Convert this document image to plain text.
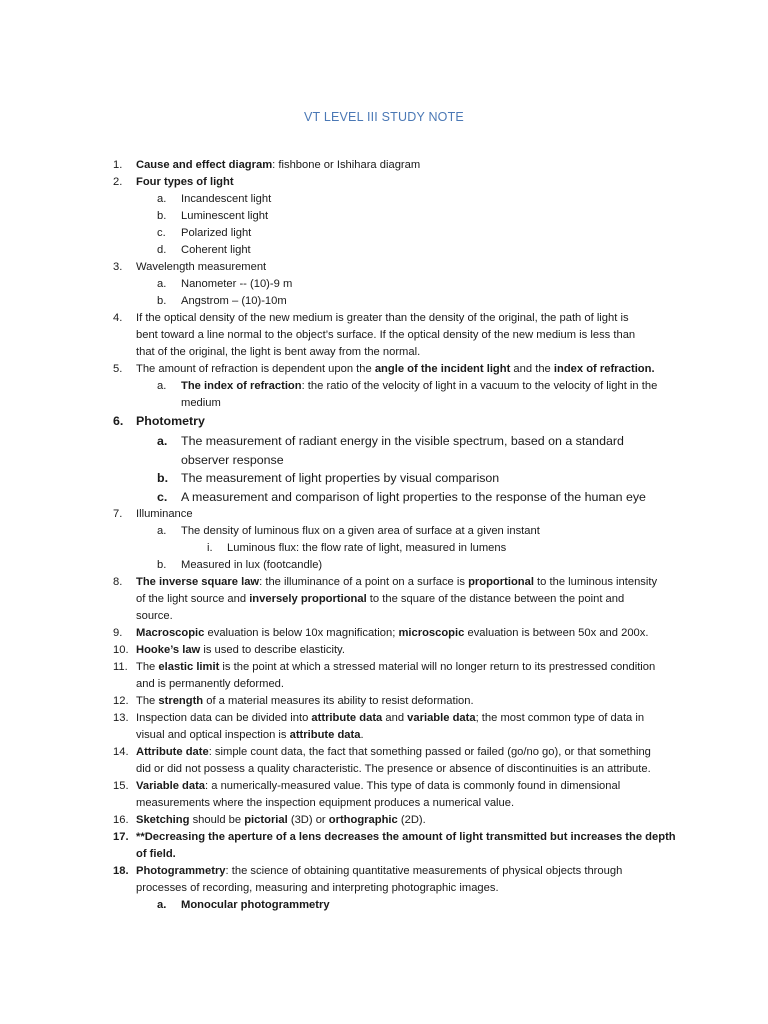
VT LEVEL III STUDY NOTE
1. Cause and effect diagram: fishbone or Ishihara diagram
2. Four types of light
a. Incandescent light
b. Luminescent light
c. Polarized light
d. Coherent light
3. Wavelength measurement
a. Nanometer -- (10)-9 m
b. Angstrom – (10)-10m
4. If the optical density of the new medium is greater than the density of the original, the path of light is
bent toward a line normal to the object’s surface. If the optical density of the new medium is less than
that of the original, the light is bent away from the normal.
5. The amount of refraction is dependent upon the angle of the incident light and the index of refraction.
a. The index of refraction: the ratio of the velocity of light in a vacuum to the velocity of light in the
medium
6. Photometry
a. The measurement of radiant energy in the visible spectrum, based on a standard
observer response
b. The measurement of light properties by visual comparison
c. A measurement and comparison of light properties to the response of the human eye
7. Illuminance
a. The density of luminous flux on a given area of surface at a given instant
i. Luminous flux: the flow rate of light, measured in lumens
b. Measured in lux (footcandle)
8. The inverse square law: the illuminance of a point on a surface is proportional to the luminous intensity
of the light source and inversely proportional to the square of the distance between the point and
source.
9. Macroscopic evaluation is below 10x magnification; microscopic evaluation is between 50x and 200x.
10. Hooke’s law is used to describe elasticity.
11. The elastic limit is the point at which a stressed material will no longer return to its prestressed condition
and is permanently deformed.
12. The strength of a material measures its ability to resist deformation.
13. Inspection data can be divided into attribute data and variable data; the most common type of data in
visual and optical inspection is attribute data.
14. Attribute date: simple count data, the fact that something passed or failed (go/no go), or that something
did or did not possess a quality characteristic. The presence or absence of discontinuities is an attribute.
15. Variable data: a numerically-measured value. This type of data is commonly found in dimensional
measurements where the inspection equipment produces a numerical value.
16. Sketching should be pictorial (3D) or orthographic (2D).
17. **Decreasing the aperture of a lens decreases the amount of light transmitted but increases the depth
of field.
18. Photogrammetry: the science of obtaining quantitative measurements of physical objects through
processes of recording, measuring and interpreting photographic images.
a. Monocular photogrammetry
